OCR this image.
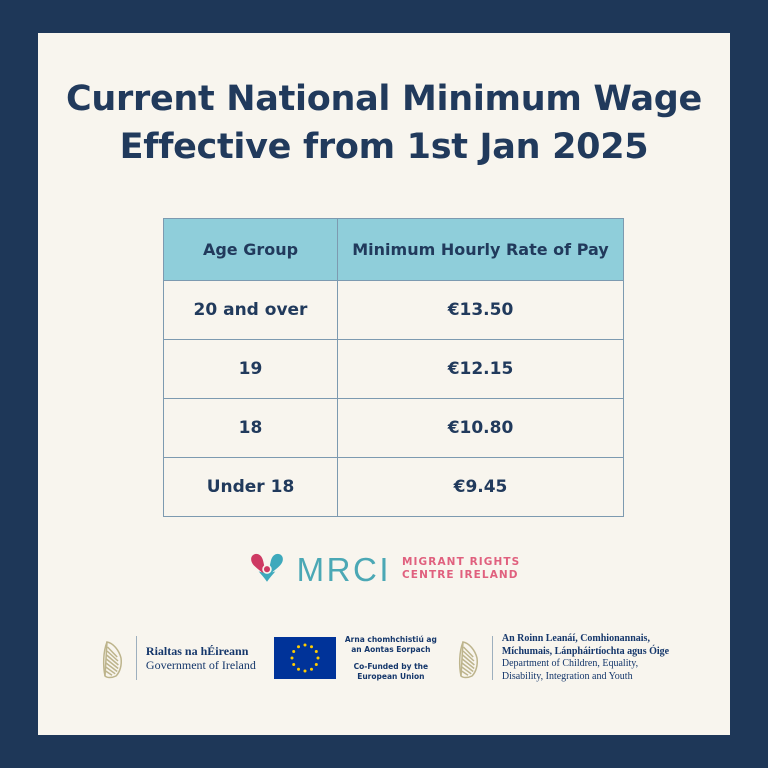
Current National Minimum Wage
Effective from 1st Jan 2025
Age Group	Minimum Hourly Rate of Pay
20 and over	€13.50
19	€12.15
18	€10.80
Under 18	€9.45
MRCI MIGRANT RIGHTS
CENTRE IRELAND
Rialtas na hÉireann
Government of Ireland
Arna chomhchistiú ag
an Aontas Eorpach
Co-Funded by the
European Union
An Roinn Leanáí, Comhionannais,
Míchumais, Lánpháirtíochta agus Óige
Department of Children, Equality,
Disability, Integration and Youth
